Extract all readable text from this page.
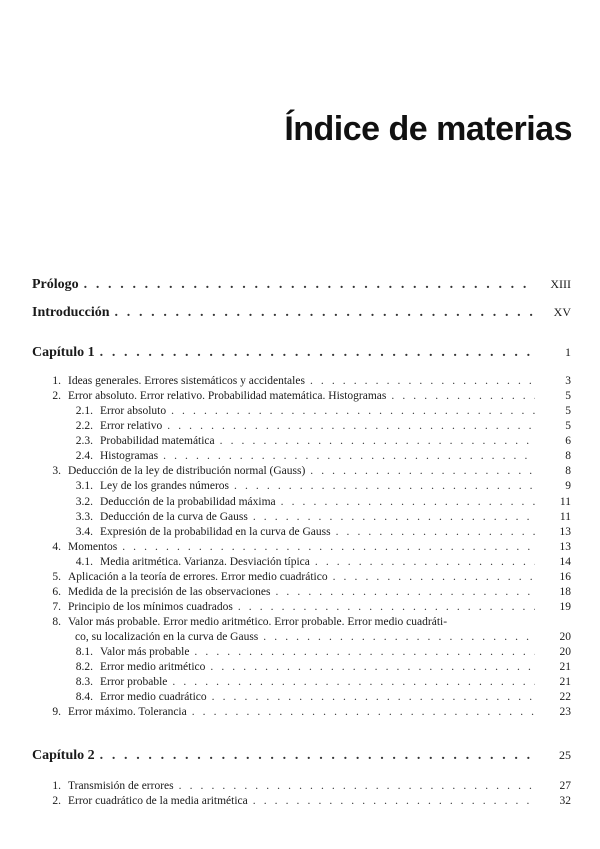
Índice de materias
Prólogo . . .	XIII
Introducción . . .	XV
Capítulo 1 . . .	1
1. Ideas generales. Errores sistemáticos y accidentales . . .	3
2. Error absoluto. Error relativo. Probabilidad matemática. Histogramas . . .	5
2.1. Error absoluto . . .	5
2.2. Error relativo . . .	5
2.3. Probabilidad matemática . . .	6
2.4. Histogramas . . .	8
3. Deducción de la ley de distribución normal (Gauss) . . .	8
3.1. Ley de los grandes números . . .	9
3.2. Deducción de la probabilidad máxima . . .	11
3.3. Deducción de la curva de Gauss . . .	11
3.4. Expresión de la probabilidad en la curva de Gauss . . .	13
4. Momentos . . .	13
4.1. Media aritmética. Varianza. Desviación típica . . .	14
5. Aplicación a la teoría de errores. Error medio cuadrático . . .	16
6. Medida de la precisión de las observaciones . . .	18
7. Principio de los mínimos cuadrados . . .	19
8. Valor más probable. Error medio aritmético. Error probable. Error medio cuadráti-
co, su localización en la curva de Gauss . . .	20
8.1. Valor más probable . . .	20
8.2. Error medio aritmético . . .	21
8.3. Error probable . . .	21
8.4. Error medio cuadrático . . .	22
9. Error máximo. Tolerancia . . .	23
Capítulo 2 . . .	25
1. Transmisión de errores . . .	27
2. Error cuadrático de la media aritmética . . .	32
